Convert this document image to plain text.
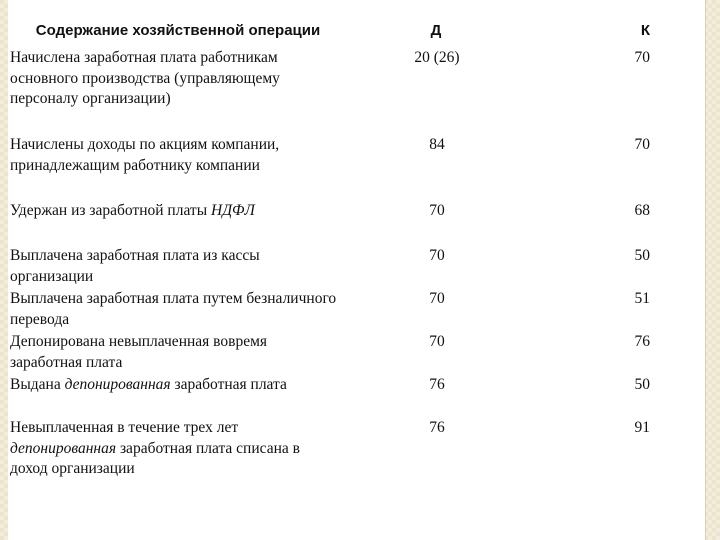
Содержание хозяйственной операции	Д	К
Начислена заработная плата работникам основного производства (управляющему персоналу организации)	20 (26)	70
Начислены доходы по акциям компании, принадлежащим работнику компании	84	70
Удержан из заработной платы НДФЛ	70	68
Выплачена заработная плата из кассы организации	70	50
Выплачена заработная плата путем безналичного перевода	70	51
Депонирована невыплаченная вовремя заработная плата	70	76
Выдана депонированная заработная плата	76	50
Невыплаченная в течение трех лет депонированная заработная плата списана в доход организации	76	91
